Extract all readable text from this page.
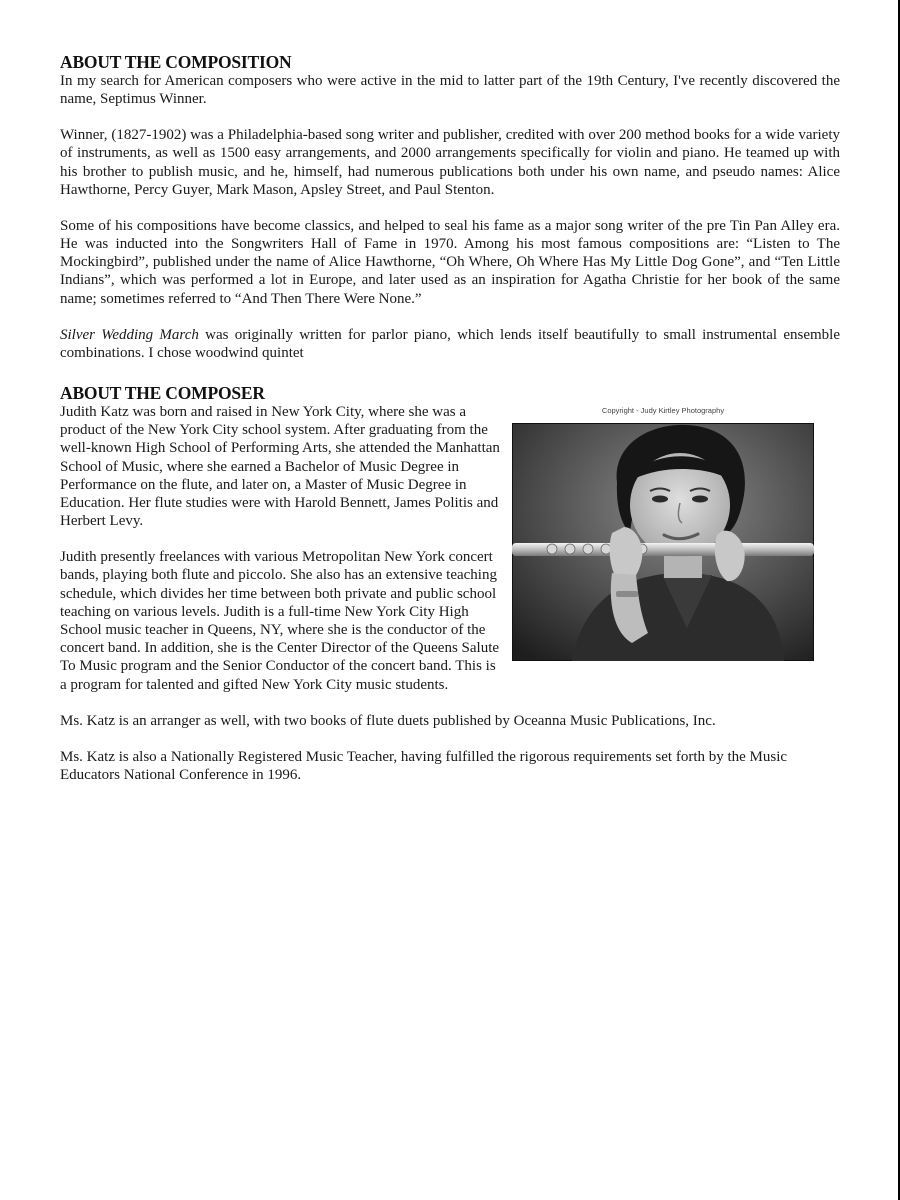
ABOUT THE COMPOSITION

In my search for American composers who were active in the mid to latter part of the 19th Century, I've recently discovered the name, Septimus Winner.

Winner, (1827-1902) was a Philadelphia-based song writer and publisher, credited with over 200 method books for a wide variety of instruments, as well as 1500 easy arrangements, and 2000 arrangements specifically for violin and piano. He teamed up with his brother to publish music, and he, himself, had numerous publications both under his own name, and pseudo names: Alice Hawthorne, Percy Guyer, Mark Mason, Apsley Street, and Paul Stenton.

Some of his compositions have become classics, and helped to seal his fame as a major song writer of the pre Tin Pan Alley era. He was inducted into the Songwriters Hall of Fame in 1970. Among his most famous compositions are: “Listen to The Mockingbird”, published under the name of Alice Hawthorne, “Oh Where, Oh Where Has My Little Dog Gone”, and “Ten Little Indians”, which was performed a lot in Europe, and later used as an inspiration for Agatha Christie for her book of the same name; sometimes referred to “And Then There Were None.”

Silver Wedding March was originally written for parlor piano, which lends itself beautifully to small instrumental ensemble combinations. I chose woodwind quintet

ABOUT THE COMPOSER
Copyright - Judy Kirtley Photography

Judith Katz was born and raised in New York City, where she was a product of the New York City school system. After graduating from the well-known High School of Performing Arts, she attended the Manhattan School of Music, where she earned a Bachelor of Music Degree in Performance on the flute, and later on, a Master of Music Degree in Education. Her flute studies were with Harold Bennett, James Politis and Herbert Levy.

Judith presently freelances with various Metropolitan New York concert bands, playing both flute and piccolo. She also has an extensive teaching schedule, which divides her time between both private and public school teaching on various levels. Judith is a full-time New York City High School music teacher in Queens, NY, where she is the conductor of the concert band. In addition, she is the Center Director of the Queens Salute To Music program and the Senior Conductor of the concert band. This is a program for talented and gifted New York City music students.

Ms. Katz is an arranger as well, with two books of flute duets published by Oceanna Music Publications, Inc.

Ms. Katz is also a Nationally Registered Music Teacher, having fulfilled the rigorous requirements set forth by the Music Educators National Conference in 1996.
